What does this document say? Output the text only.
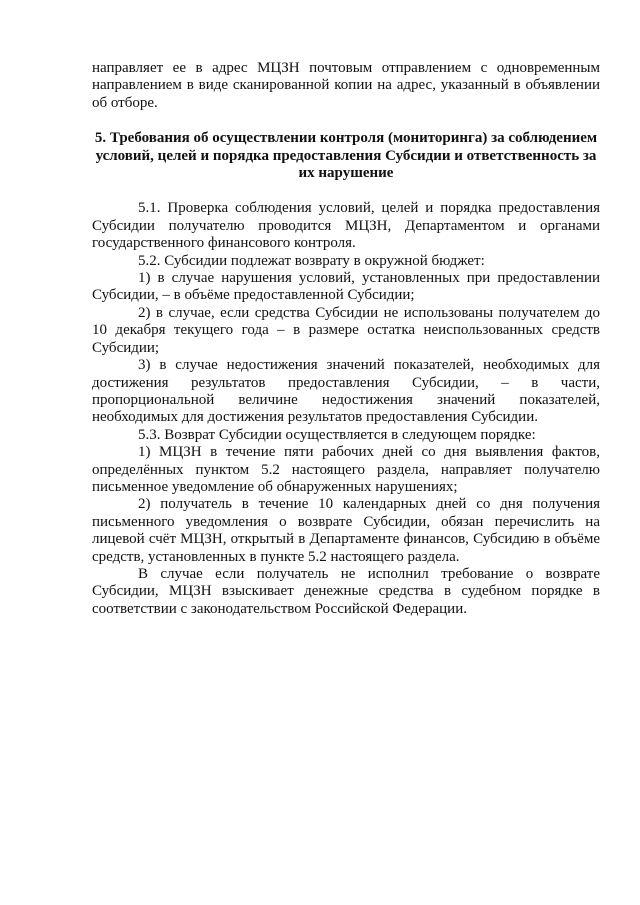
направляет ее в адрес МЦЗН почтовым отправлением с одновременным направлением в виде сканированной копии на адрес, указанный в объявлении об отборе.

5. Требования об осуществлении контроля (мониторинга) за соблюдением условий, целей и порядка предоставления Субсидии и ответственность за их нарушение

5.1. Проверка соблюдения условий, целей и порядка предоставления Субсидии получателю проводится МЦЗН, Департаментом и органами государственного финансового контроля.

5.2. Субсидии подлежат возврату в окружной бюджет:

1) в случае нарушения условий, установленных при предоставлении Субсидии, – в объёме предоставленной Субсидии;

2) в случае, если средства Субсидии не использованы получателем до 10 декабря текущего года – в размере остатка неиспользованных средств Субсидии;

3) в случае недостижения значений показателей, необходимых для достижения результатов предоставления Субсидии, – в части, пропорциональной величине недостижения значений показателей, необходимых для достижения результатов предоставления Субсидии.

5.3. Возврат Субсидии осуществляется в следующем порядке:

1) МЦЗН в течение пяти рабочих дней со дня выявления фактов, определённых пунктом 5.2 настоящего раздела, направляет получателю письменное уведомление об обнаруженных нарушениях;

2) получатель в течение 10 календарных дней со дня получения письменного уведомления о возврате Субсидии, обязан перечислить на лицевой счёт МЦЗН, открытый в Департаменте финансов, Субсидию в объёме средств, установленных в пункте 5.2 настоящего раздела.

В случае если получатель не исполнил требование о возврате Субсидии, МЦЗН взыскивает денежные средства в судебном порядке в соответствии с законодательством Российской Федерации.
